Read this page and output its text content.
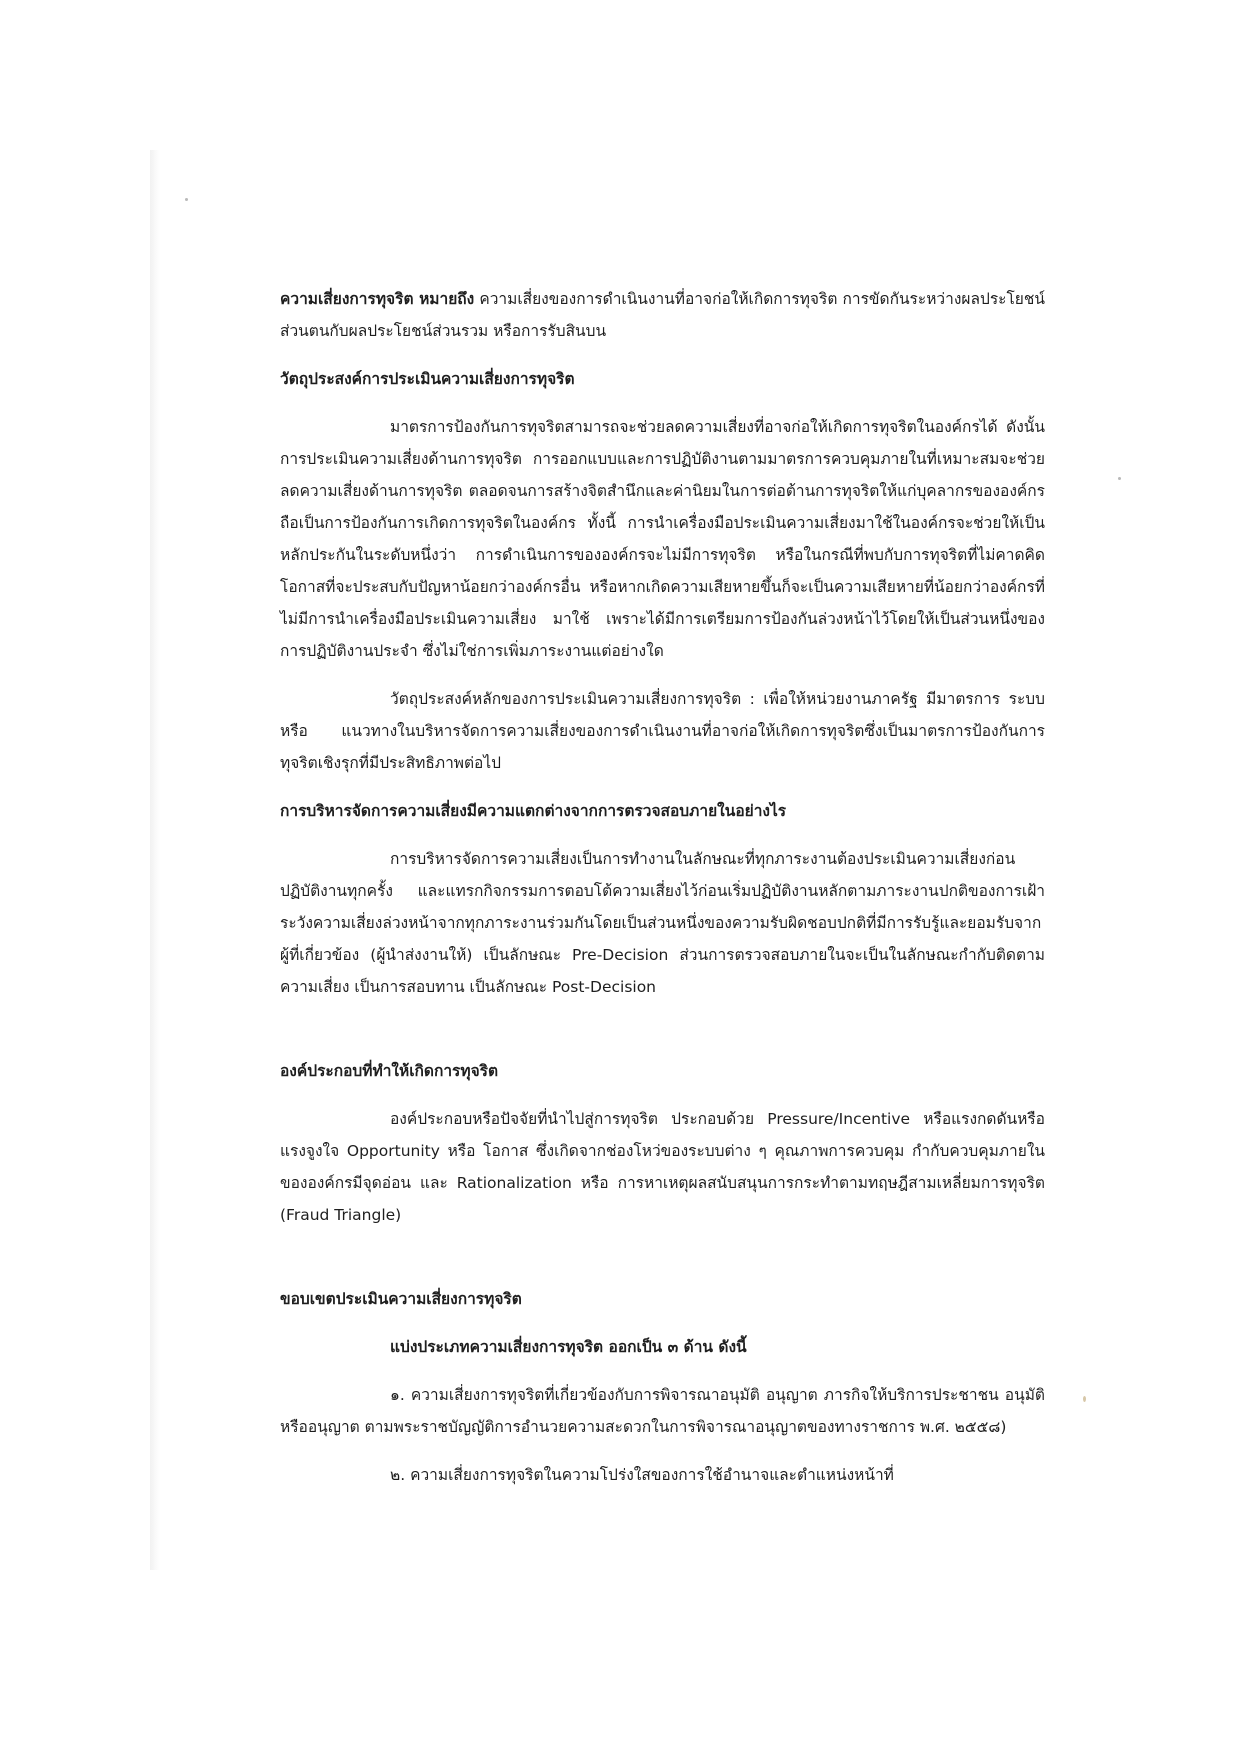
ความเสี่ยงการทุจริต หมายถึง ความเสี่ยงของการดำเนินงานที่อาจก่อให้เกิดการทุจริต การขัดกันระหว่างผลประโยชน์ส่วนตนกับผลประโยชน์ส่วนรวม หรือการรับสินบน

วัตถุประสงค์การประเมินความเสี่ยงการทุจริต

มาตรการป้องกันการทุจริตสามารถจะช่วยลดความเสี่ยงที่อาจก่อให้เกิดการทุจริตในองค์กรได้ ดังนั้น การประเมินความเสี่ยงด้านการทุจริต การออกแบบและการปฏิบัติงานตามมาตรการควบคุมภายในที่เหมาะสมจะช่วยลดความเสี่ยงด้านการทุจริต ตลอดจนการสร้างจิตสำนึกและค่านิยมในการต่อต้านการทุจริตให้แก่บุคลากรขององค์กรถือเป็นการป้องกันการเกิดการทุจริตในองค์กร ทั้งนี้ การนำเครื่องมือประเมินความเสี่ยงมาใช้ในองค์กรจะช่วยให้เป็นหลักประกันในระดับหนึ่งว่า การดำเนินการขององค์กรจะไม่มีการทุจริต หรือในกรณีที่พบกับการทุจริตที่ไม่คาดคิดโอกาสที่จะประสบกับปัญหาน้อยกว่าองค์กรอื่น หรือหากเกิดความเสียหายขึ้นก็จะเป็นความเสียหายที่น้อยกว่าองค์กรที่ไม่มีการนำเครื่องมือประเมินความเสี่ยง มาใช้ เพราะได้มีการเตรียมการป้องกันล่วงหน้าไว้โดยให้เป็นส่วนหนึ่งของการปฏิบัติงานประจำ ซึ่งไม่ใช่การเพิ่มภาระงานแต่อย่างใด

วัตถุประสงค์หลักของการประเมินความเสี่ยงการทุจริต : เพื่อให้หน่วยงานภาครัฐ มีมาตรการ ระบบ หรือ แนวทางในบริหารจัดการความเสี่ยงของการดำเนินงานที่อาจก่อให้เกิดการทุจริตซึ่งเป็นมาตรการป้องกันการทุจริตเชิงรุกที่มีประสิทธิภาพต่อไป

การบริหารจัดการความเสี่ยงมีความแตกต่างจากการตรวจสอบภายในอย่างไร

การบริหารจัดการความเสี่ยงเป็นการทำงานในลักษณะที่ทุกภาระงานต้องประเมินความเสี่ยงก่อนปฏิบัติงานทุกครั้ง และแทรกกิจกรรมการตอบโต้ความเสี่ยงไว้ก่อนเริ่มปฏิบัติงานหลักตามภาระงานปกติของการเฝ้าระวังความเสี่ยงล่วงหน้าจากทุกภาระงานร่วมกันโดยเป็นส่วนหนึ่งของความรับผิดชอบปกติที่มีการรับรู้และยอมรับจากผู้ที่เกี่ยวข้อง (ผู้นำส่งงานให้) เป็นลักษณะ Pre-Decision ส่วนการตรวจสอบภายในจะเป็นในลักษณะกำกับติดตามความเสี่ยง เป็นการสอบทาน เป็นลักษณะ Post-Decision

องค์ประกอบที่ทำให้เกิดการทุจริต

องค์ประกอบหรือปัจจัยที่นำไปสู่การทุจริต ประกอบด้วย Pressure/Incentive หรือแรงกดดันหรือแรงจูงใจ Opportunity หรือ โอกาส ซึ่งเกิดจากช่องโหว่ของระบบต่าง ๆ คุณภาพการควบคุม กำกับควบคุมภายในขององค์กรมีจุดอ่อน และ Rationalization หรือ การหาเหตุผลสนับสนุนการกระทำตามทฤษฎีสามเหลี่ยมการทุจริต (Fraud Triangle)

ขอบเขตประเมินความเสี่ยงการทุจริต

แบ่งประเภทความเสี่ยงการทุจริต ออกเป็น ๓ ด้าน ดังนี้

๑. ความเสี่ยงการทุจริตที่เกี่ยวข้องกับการพิจารณาอนุมัติ อนุญาต ภารกิจให้บริการประชาชน อนุมัติ หรืออนุญาต ตามพระราชบัญญัติการอำนวยความสะดวกในการพิจารณาอนุญาตของทางราชการ พ.ศ. ๒๕๕๘)

๒. ความเสี่ยงการทุจริตในความโปร่งใสของการใช้อำนาจและตำแหน่งหน้าที่
